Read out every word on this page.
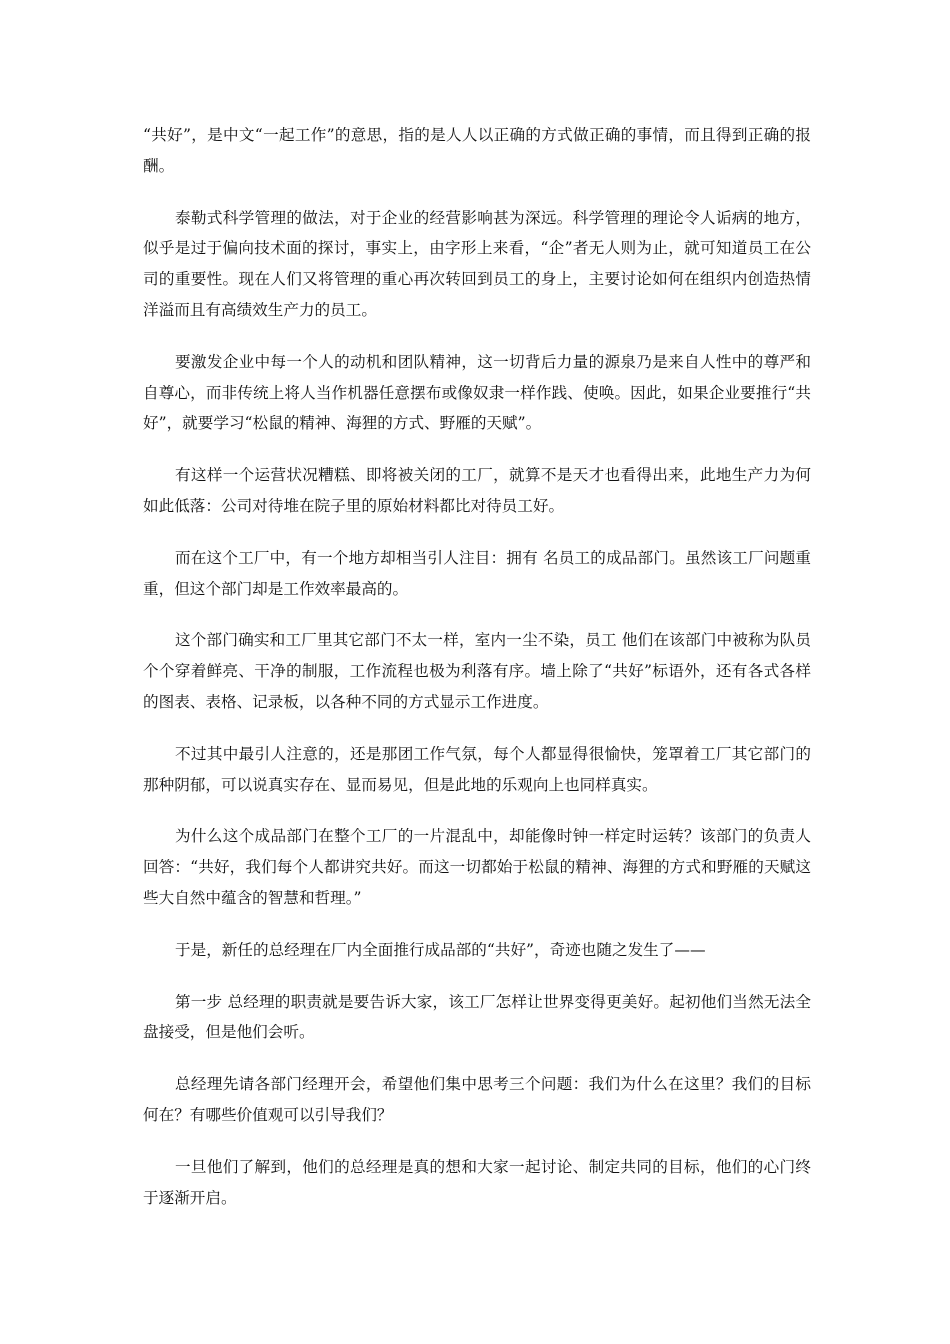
“共好”，是中文“一起工作”的意思，指的是人人以正确的方式做正确的事情，而且得到正确的报酬。

泰勒式科学管理的做法，对于企业的经营影响甚为深远。科学管理的理论令人诟病的地方，似乎是过于偏向技术面的探讨，事实上，由字形上来看，“企”者无人则为止，就可知道员工在公司的重要性。现在人们又将管理的重心再次转回到员工的身上，主要讨论如何在组织内创造热情洋溢而且有高绩效生产力的员工。

要激发企业中每一个人的动机和团队精神，这一切背后力量的源泉乃是来自人性中的尊严和自尊心，而非传统上将人当作机器任意摆布或像奴隶一样作践、使唤。因此，如果企业要推行“共好”，就要学习“松鼠的精神、海狸的方式、野雁的天赋”。

有这样一个运营状况糟糕、即将被关闭的工厂，就算不是天才也看得出来，此地生产力为何如此低落：公司对待堆在院子里的原始材料都比对待员工好。

而在这个工厂中，有一个地方却相当引人注目：拥有 名员工的成品部门。虽然该工厂问题重重，但这个部门却是工作效率最高的。

这个部门确实和工厂里其它部门不太一样，室内一尘不染，员工 他们在该部门中被称为队员 个个穿着鲜亮、干净的制服，工作流程也极为利落有序。墙上除了“共好”标语外，还有各式各样的图表、表格、记录板，以各种不同的方式显示工作进度。

不过其中最引人注意的，还是那团工作气氛，每个人都显得很愉快，笼罩着工厂其它部门的那种阴郁，可以说真实存在、显而易见，但是此地的乐观向上也同样真实。

为什么这个成品部门在整个工厂的一片混乱中，却能像时钟一样定时运转？该部门的负责人回答：“共好，我们每个人都讲究共好。而这一切都始于松鼠的精神、海狸的方式和野雁的天赋这些大自然中蕴含的智慧和哲理。”

于是，新任的总经理在厂内全面推行成品部的“共好”，奇迹也随之发生了——

第一步 总经理的职责就是要告诉大家，该工厂怎样让世界变得更美好。起初他们当然无法全盘接受，但是他们会听。

总经理先请各部门经理开会，希望他们集中思考三个问题：我们为什么在这里？我们的目标何在？有哪些价值观可以引导我们？

一旦他们了解到，他们的总经理是真的想和大家一起讨论、制定共同的目标，他们的心门终于逐渐开启。
